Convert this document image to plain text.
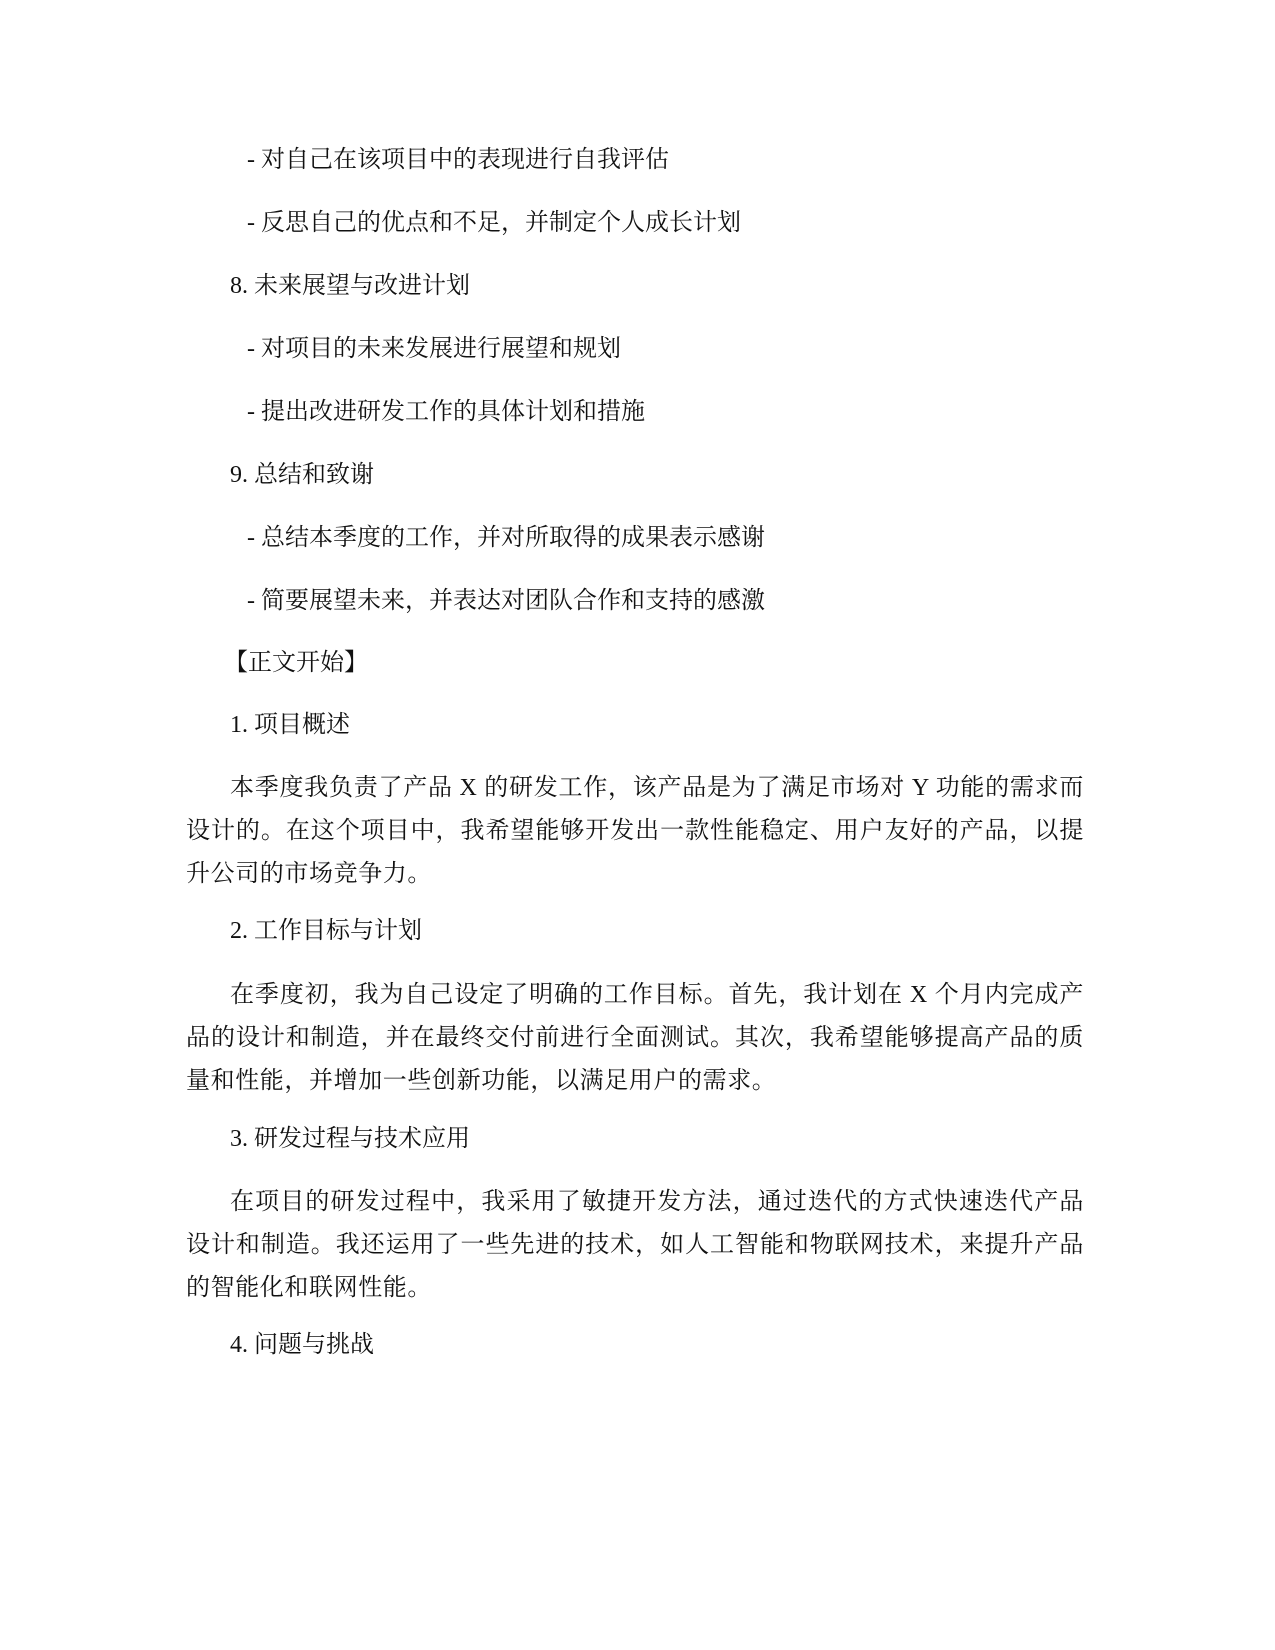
- 对自己在该项目中的表现进行自我评估
- 反思自己的优点和不足，并制定个人成长计划
8. 未来展望与改进计划
- 对项目的未来发展进行展望和规划
- 提出改进研发工作的具体计划和措施
9. 总结和致谢
- 总结本季度的工作，并对所取得的成果表示感谢
- 简要展望未来，并表达对团队合作和支持的感激
【正文开始】
1. 项目概述
本季度我负责了产品 X 的研发工作，该产品是为了满足市场对 Y 功能的需求而设计的。在这个项目中，我希望能够开发出一款性能稳定、用户友好的产品，以提升公司的市场竞争力。
2. 工作目标与计划
在季度初，我为自己设定了明确的工作目标。首先，我计划在 X 个月内完成产品的设计和制造，并在最终交付前进行全面测试。其次，我希望能够提高产品的质量和性能，并增加一些创新功能，以满足用户的需求。
3. 研发过程与技术应用
在项目的研发过程中，我采用了敏捷开发方法，通过迭代的方式快速迭代产品设计和制造。我还运用了一些先进的技术，如人工智能和物联网技术，来提升产品的智能化和联网性能。
4. 问题与挑战
